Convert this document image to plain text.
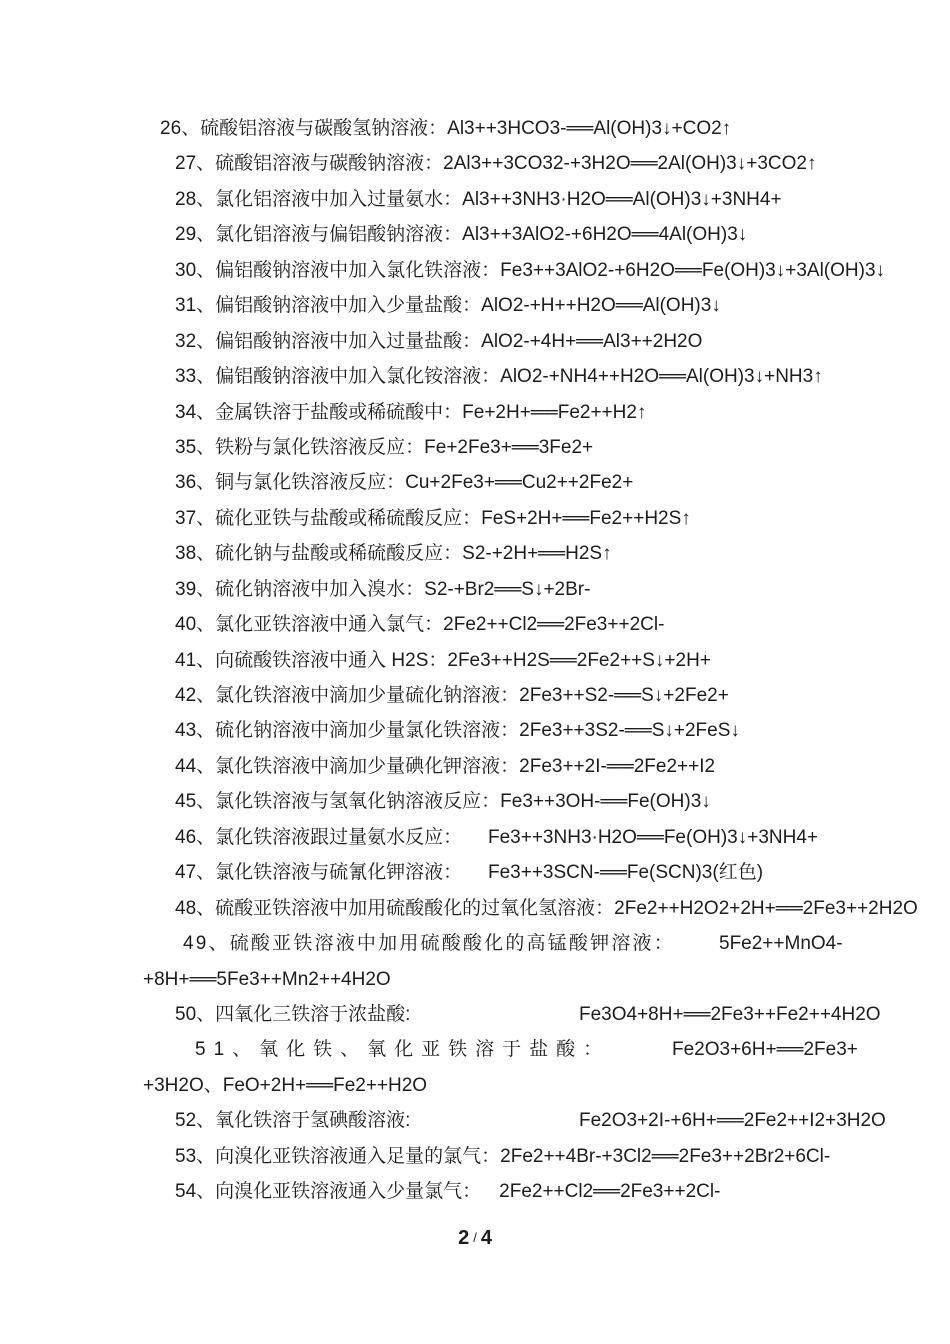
26、硫酸铝溶液与碳酸氢钠溶液：Al3++3HCO3-══Al(OH)3↓+CO2↑
27、硫酸铝溶液与碳酸钠溶液：2Al3++3CO32-+3H2O══2Al(OH)3↓+3CO2↑
28、氯化铝溶液中加入过量氨水：Al3++3NH3·H2O══Al(OH)3↓+3NH4+
29、氯化铝溶液与偏铝酸钠溶液：Al3++3AlO2-+6H2O══4Al(OH)3↓
30、偏铝酸钠溶液中加入氯化铁溶液：Fe3++3AlO2-+6H2O══Fe(OH)3↓+3Al(OH)3↓
31、偏铝酸钠溶液中加入少量盐酸：AlO2-+H++H2O══Al(OH)3↓
32、偏铝酸钠溶液中加入过量盐酸：AlO2-+4H+══Al3++2H2O
33、偏铝酸钠溶液中加入氯化铵溶液：AlO2-+NH4++H2O══Al(OH)3↓+NH3↑
34、金属铁溶于盐酸或稀硫酸中：Fe+2H+══Fe2++H2↑
35、铁粉与氯化铁溶液反应：Fe+2Fe3+══3Fe2+
36、铜与氯化铁溶液反应：Cu+2Fe3+══Cu2++2Fe2+
37、硫化亚铁与盐酸或稀硫酸反应：FeS+2H+══Fe2++H2S↑
38、硫化钠与盐酸或稀硫酸反应：S2-+2H+══H2S↑
39、硫化钠溶液中加入溴水：S2-+Br2══S↓+2Br-
40、氯化亚铁溶液中通入氯气：2Fe2++Cl2══2Fe3++2Cl-
41、向硫酸铁溶液中通入 H2S：2Fe3++H2S══2Fe2++S↓+2H+
42、氯化铁溶液中滴加少量硫化钠溶液：2Fe3++S2-══S↓+2Fe2+
43、硫化钠溶液中滴加少量氯化铁溶液：2Fe3++3S2-══S↓+2FeS↓
44、氯化铁溶液中滴加少量碘化钾溶液：2Fe3++2I-══2Fe2++I2
45、氯化铁溶液与氢氧化钠溶液反应：Fe3++3OH-══Fe(OH)3↓
46、氯化铁溶液跟过量氨水反应： Fe3++3NH3·H2O══Fe(OH)3↓+3NH4+
47、氯化铁溶液与硫氰化钾溶液： Fe3++3SCN-══Fe(SCN)3(红色)
48、硫酸亚铁溶液中加用硫酸酸化的过氧化氢溶液：2Fe2++H2O2+2H+══2Fe3++2H2O
49、硫酸亚铁溶液中加用硫酸酸化的高锰酸钾溶液： 5Fe2++MnO4-
+8H+══5Fe3++Mn2++4H2O
50、四氧化三铁溶于浓盐酸:	Fe3O4+8H+══2Fe3++Fe2++4H2O
51、氧化铁、氧化亚铁溶于盐酸：	Fe2O3+6H+══2Fe3+
+3H2O、FeO+2H+══Fe2++H2O
52、氧化铁溶于氢碘酸溶液:	Fe2O3+2I-+6H+══2Fe2++I2+3H2O
53、向溴化亚铁溶液通入足量的氯气：2Fe2++4Br-+3Cl2══2Fe3++2Br2+6Cl-
54、向溴化亚铁溶液通入少量氯气： 2Fe2++Cl2══2Fe3++2Cl-
2 / 4
